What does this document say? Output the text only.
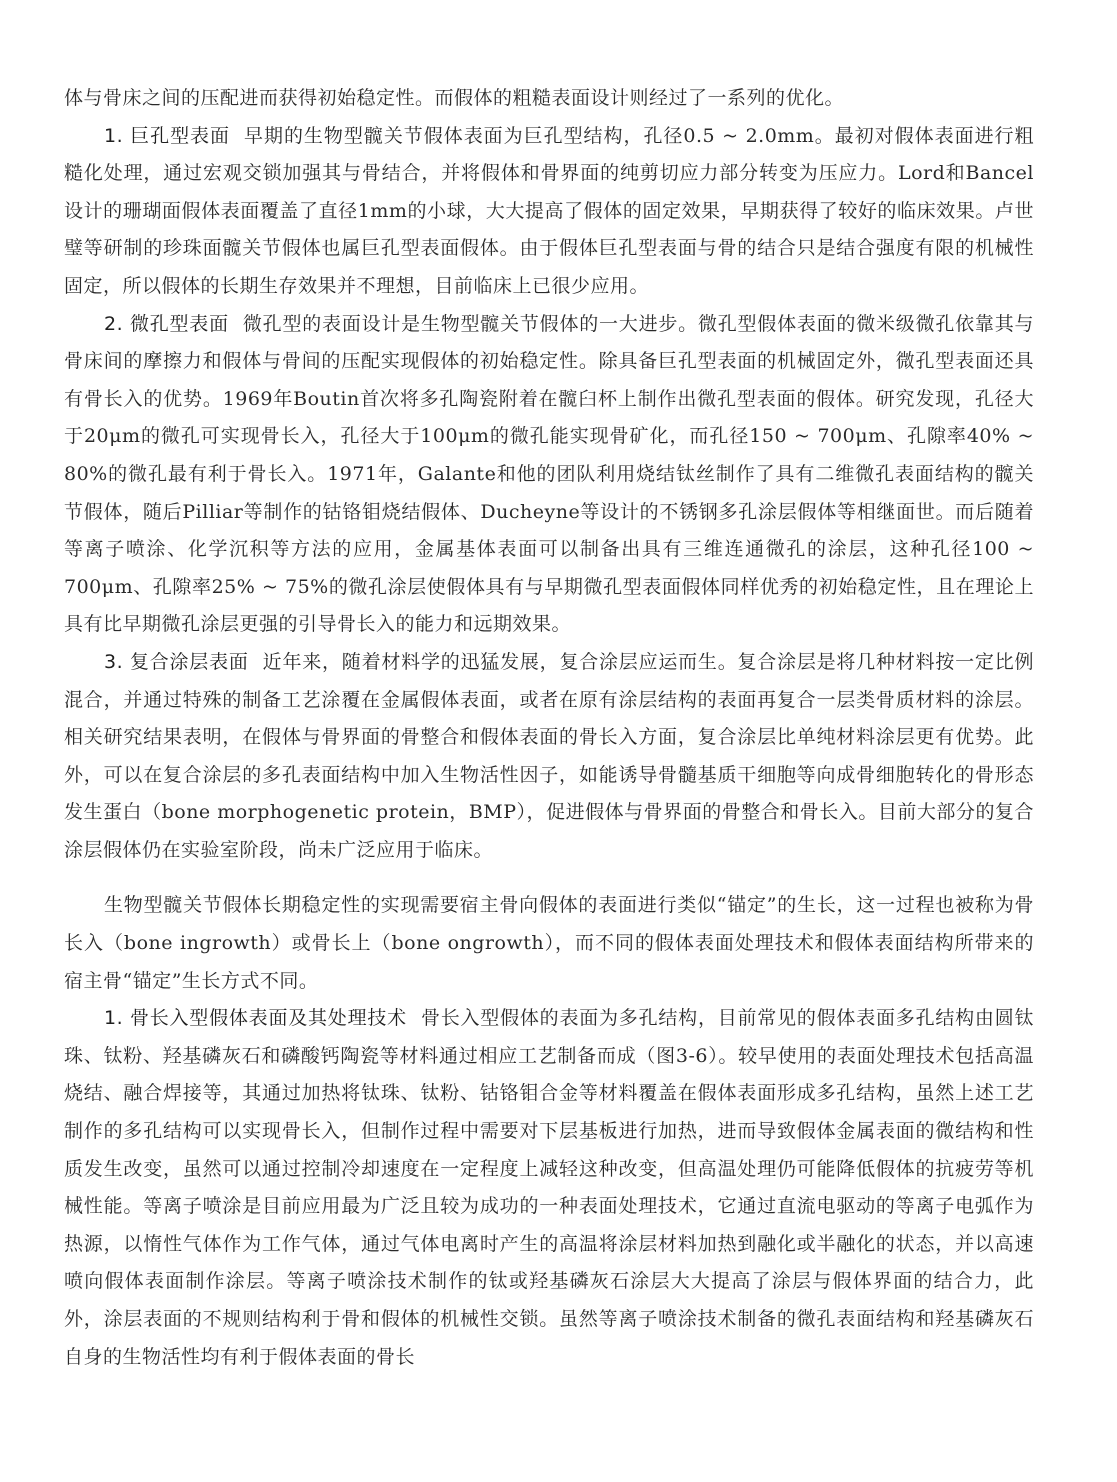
体与骨床之间的压配进而获得初始稳定性。而假体的粗糙表面设计则经过了一系列的优化。

1. 巨孔型表面 早期的生物型髋关节假体表面为巨孔型结构，孔径0.5 ~ 2.0mm。最初对假体表面进行粗糙化处理，通过宏观交锁加强其与骨结合，并将假体和骨界面的纯剪切应力部分转变为压应力。Lord和Bancel设计的珊瑚面假体表面覆盖了直径1mm的小球，大大提高了假体的固定效果，早期获得了较好的临床效果。卢世璧等研制的珍珠面髋关节假体也属巨孔型表面假体。由于假体巨孔型表面与骨的结合只是结合强度有限的机械性固定，所以假体的长期生存效果并不理想，目前临床上已很少应用。

2. 微孔型表面 微孔型的表面设计是生物型髋关节假体的一大进步。微孔型假体表面的微米级微孔依靠其与骨床间的摩擦力和假体与骨间的压配实现假体的初始稳定性。除具备巨孔型表面的机械固定外，微孔型表面还具有骨长入的优势。1969年Boutin首次将多孔陶瓷附着在髋臼杯上制作出微孔型表面的假体。研究发现，孔径大于20μm的微孔可实现骨长入，孔径大于100μm的微孔能实现骨矿化，而孔径150 ~ 700μm、孔隙率40% ~ 80%的微孔最有利于骨长入。1971年，Galante和他的团队利用烧结钛丝制作了具有二维微孔表面结构的髋关节假体，随后Pilliar等制作的钴铬钼烧结假体、Ducheyne等设计的不锈钢多孔涂层假体等相继面世。而后随着等离子喷涂、化学沉积等方法的应用，金属基体表面可以制备出具有三维连通微孔的涂层，这种孔径100 ~ 700μm、孔隙率25% ~ 75%的微孔涂层使假体具有与早期微孔型表面假体同样优秀的初始稳定性，且在理论上具有比早期微孔涂层更强的引导骨长入的能力和远期效果。

3. 复合涂层表面 近年来，随着材料学的迅猛发展，复合涂层应运而生。复合涂层是将几种材料按一定比例混合，并通过特殊的制备工艺涂覆在金属假体表面，或者在原有涂层结构的表面再复合一层类骨质材料的涂层。相关研究结果表明，在假体与骨界面的骨整合和假体表面的骨长入方面，复合涂层比单纯材料涂层更有优势。此外，可以在复合涂层的多孔表面结构中加入生物活性因子，如能诱导骨髓基质干细胞等向成骨细胞转化的骨形态发生蛋白（bone morphogenetic protein，BMP），促进假体与骨界面的骨整合和骨长入。目前大部分的复合涂层假体仍在实验室阶段，尚未广泛应用于临床。

生物型髋关节假体长期稳定性的实现需要宿主骨向假体的表面进行类似“锚定”的生长，这一过程也被称为骨长入（bone ingrowth）或骨长上（bone ongrowth），而不同的假体表面处理技术和假体表面结构所带来的宿主骨“锚定”生长方式不同。

1. 骨长入型假体表面及其处理技术 骨长入型假体的表面为多孔结构，目前常见的假体表面多孔结构由圆钛珠、钛粉、羟基磷灰石和磷酸钙陶瓷等材料通过相应工艺制备而成（图3-6）。较早使用的表面处理技术包括高温烧结、融合焊接等，其通过加热将钛珠、钛粉、钴铬钼合金等材料覆盖在假体表面形成多孔结构，虽然上述工艺制作的多孔结构可以实现骨长入，但制作过程中需要对下层基板进行加热，进而导致假体金属表面的微结构和性质发生改变，虽然可以通过控制冷却速度在一定程度上减轻这种改变，但高温处理仍可能降低假体的抗疲劳等机械性能。等离子喷涂是目前应用最为广泛且较为成功的一种表面处理技术，它通过直流电驱动的等离子电弧作为热源，以惰性气体作为工作气体，通过气体电离时产生的高温将涂层材料加热到融化或半融化的状态，并以高速喷向假体表面制作涂层。等离子喷涂技术制作的钛或羟基磷灰石涂层大大提高了涂层与假体界面的结合力，此外，涂层表面的不规则结构利于骨和假体的机械性交锁。虽然等离子喷涂技术制备的微孔表面结构和羟基磷灰石自身的生物活性均有利于假体表面的骨长
